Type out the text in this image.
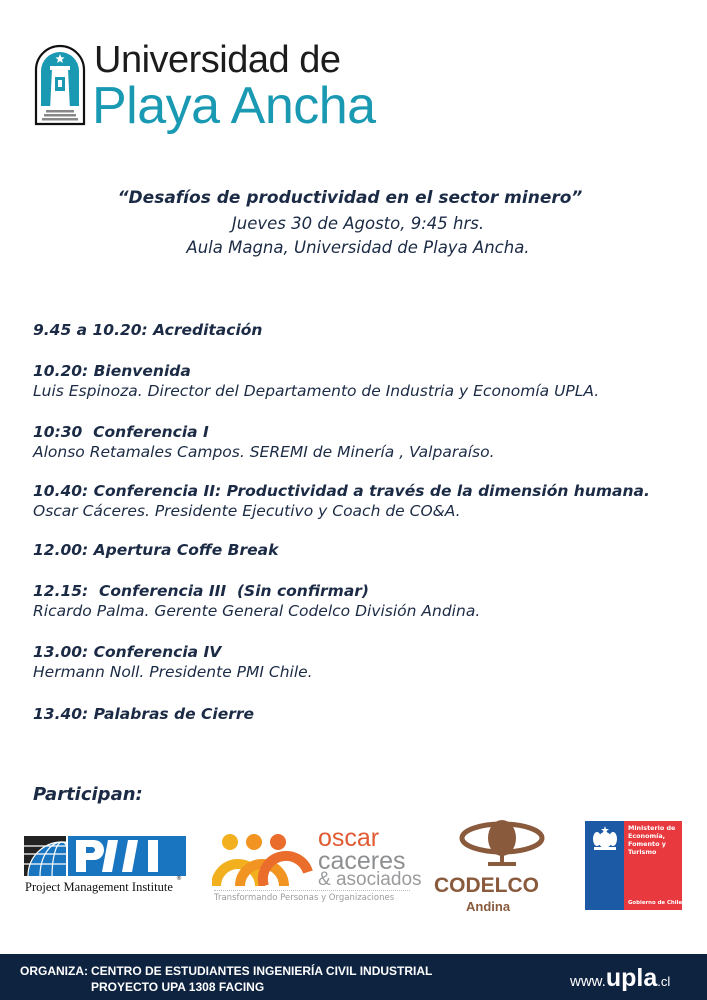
Universidad de
Playa Ancha
“Desafíos de productividad en el sector minero”
Jueves 30 de Agosto, 9:45 hrs.
Aula Magna, Universidad de Playa Ancha.
9.45 a 10.20: Acreditación
10.20: Bienvenida
Luis Espinoza. Director del Departamento de Industria y Economía UPLA.
10:30  Conferencia I
Alonso Retamales Campos. SEREMI de Minería , Valparaíso.
10.40: Conferencia II: Productividad a través de la dimensión humana.
Oscar Cáceres. Presidente Ejecutivo y Coach de CO&A.
12.00: Apertura Coffe Break
12.15:  Conferencia III  (Sin confirmar)
Ricardo Palma. Gerente General Codelco División Andina.
13.00: Conferencia IV
Hermann Noll. Presidente PMI Chile.
13.40: Palabras de Cierre
Participan:
®
Project Management Institute
oscar
caceres
& asociados
Transformando Personas y Organizaciones
CODELCO
Andina
Ministerio de Economía, Fomento y Turismo
Gobierno de Chile
ORGANIZA: CENTRO DE ESTUDIANTES INGENIERÍA CIVIL INDUSTRIAL
PROYECTO UPA 1308 FACING	www.upla.cl
